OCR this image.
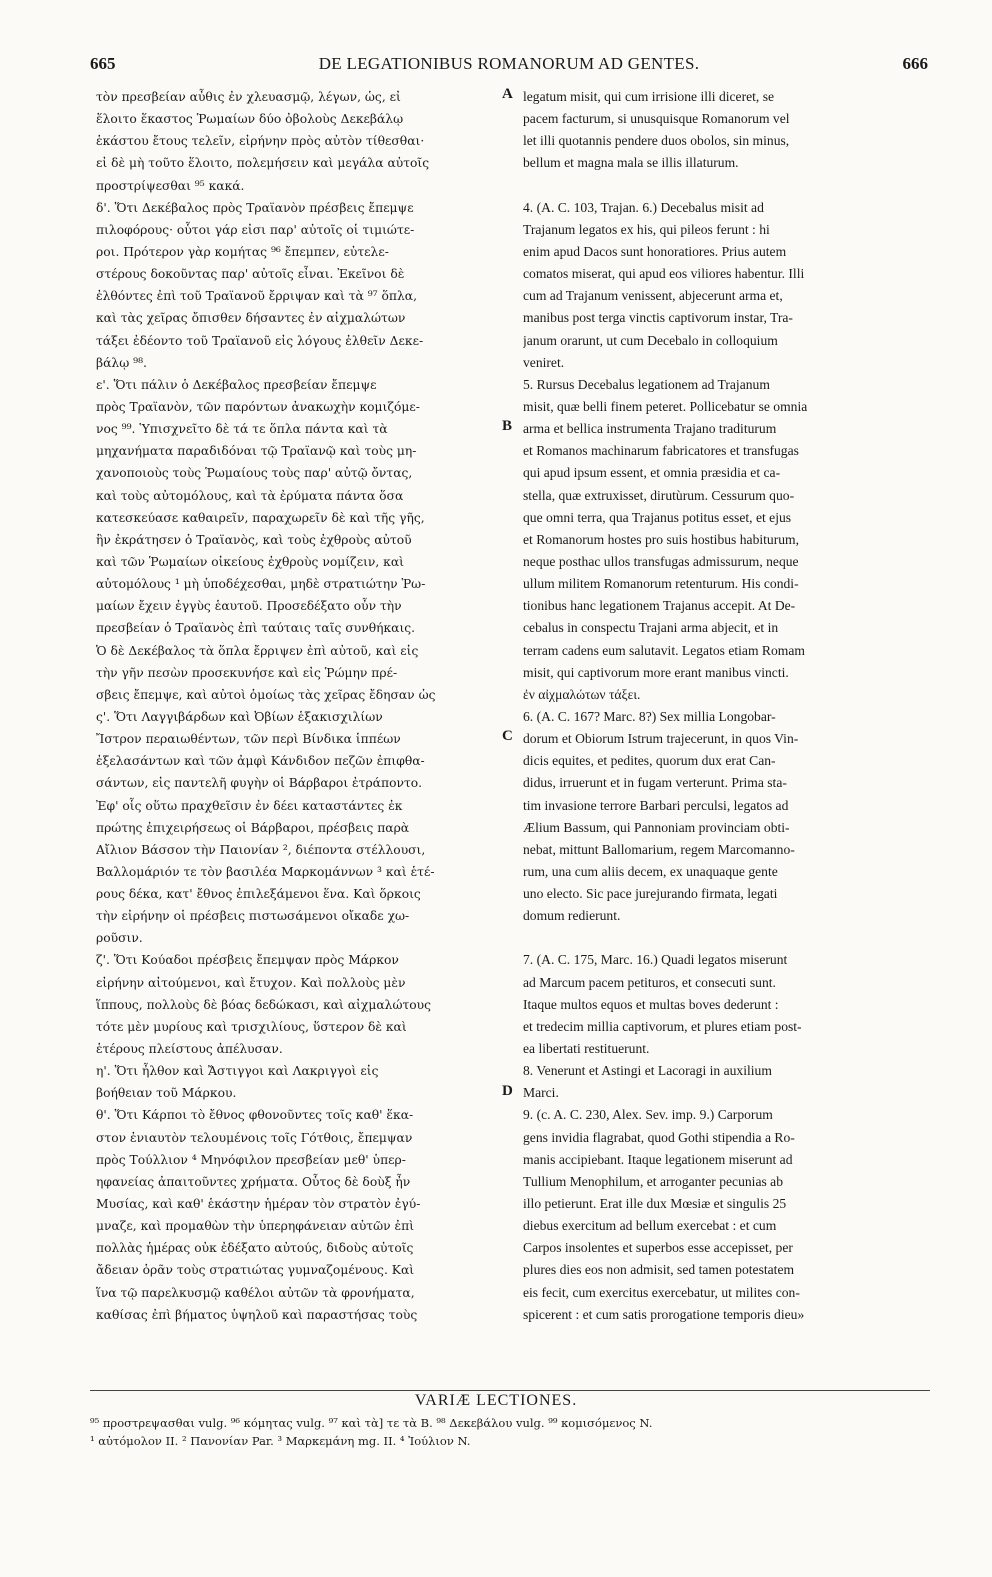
665	DE LEGATIONIBUS ROMANORUM AD GENTES.	666
τὸν πρεσβείαν αὖθις ἐν χλευασμῷ, λέγων, ὡς, εἰ
ἕλοιτο ἕκαστος Ῥωμαίων δύο ὀβολοὺς Δεκεβάλῳ
ἑκάστου ἔτους τελεῖν, εἰρήνην πρὸς αὐτὸν τίθεσθαι·
εἰ δὲ μὴ τοῦτο ἕλοιτο, πολεμήσειν καὶ μεγάλα αὐτοῖς
προστρίψεσθαι ⁹⁵ κακά.
δ'. Ὅτι Δεκέβαλος πρὸς Τραϊανὸν πρέσβεις ἔπεμψε
πιλοφόρους· οὗτοι γάρ εἰσι παρ' αὐτοῖς οἱ τιμιώτε-
ροι. Πρότερον γὰρ κομήτας ⁹⁶ ἔπεμπεν, εὐτελε-
στέρους δοκοῦντας παρ' αὐτοῖς εἶναι. Ἐκεῖνοι δὲ
ἐλθόντες ἐπὶ τοῦ Τραϊανοῦ ἔρριψαν καὶ τὰ ⁹⁷ ὅπλα,
καὶ τὰς χεῖρας ὄπισθεν δήσαντες ἐν αἰχμαλώτων
τάξει ἐδέοντο τοῦ Τραϊανοῦ εἰς λόγους ἐλθεῖν Δεκε-
βάλῳ ⁹⁸.
ε'. Ὅτι πάλιν ὁ Δεκέβαλος πρεσβείαν ἔπεμψε
πρὸς Τραϊανὸν, τῶν παρόντων ἀνακωχὴν κομιζόμε-
νος ⁹⁹. Ὑπισχνεῖτο δὲ τά τε ὅπλα πάντα καὶ τὰ
μηχανήματα παραδιδόναι τῷ Τραϊανῷ καὶ τοὺς μη-
χανοποιοὺς τοὺς Ῥωμαίους τοὺς παρ' αὐτῷ ὄντας,
καὶ τοὺς αὐτομόλους, καὶ τὰ ἐρύματα πάντα ὅσα
κατεσκεύασε καθαιρεῖν, παραχωρεῖν δὲ καὶ τῆς γῆς,
ἣν ἐκράτησεν ὁ Τραϊανὸς, καὶ τοὺς ἐχθροὺς αὐτοῦ
καὶ τῶν Ῥωμαίων οἰκείους ἐχθροὺς νομίζειν, καὶ
αὐτομόλους ¹ μὴ ὑποδέχεσθαι, μηδὲ στρατιώτην Ῥω-
μαίων ἔχειν ἐγγὺς ἑαυτοῦ. Προσεδέξατο οὖν τὴν
πρεσβείαν ὁ Τραϊανὸς ἐπὶ ταύταις ταῖς συνθήκαις.
Ὁ δὲ Δεκέβαλος τὰ ὅπλα ἔρριψεν ἐπὶ αὐτοῦ, καὶ εἰς
τὴν γῆν πεσὼν προσεκυνήσε καὶ εἰς Ῥώμην πρέ-
σβεις ἔπεμψε, καὶ αὐτοὶ ὁμοίως τὰς χεῖρας ἔδησαν ὡς
ς'. Ὅτι Λαγγιβάρδων καὶ Ὀβίων ἑξακισχιλίων
Ἴστρον περαιωθέντων, τῶν περὶ Βίνδικα ἱππέων
ἐξελασάντων καὶ τῶν ἀμφὶ Κάνδιδον πεζῶν ἐπιφθα-
σάντων, εἰς παντελῆ φυγὴν οἱ Βάρβαροι ἐτράποντο.
Ἐφ' οἷς οὕτω πραχθεῖσιν ἐν δέει καταστάντες ἐκ
πρώτης ἐπιχειρήσεως οἱ Βάρβαροι, πρέσβεις παρὰ
Αἴλιον Βάσσον τὴν Παιονίαν ², διέποντα στέλλουσι,
Βαλλομάριόν τε τὸν βασιλέα Μαρκομάννων ³ καὶ ἑτέ-
ρους δέκα, κατ' ἔθνος ἐπιλεξάμενοι ἕνα. Καὶ ὅρκοις
τὴν εἰρήνην οἱ πρέσβεις πιστωσάμενοι οἴκαδε χω-
ροῦσιν.
ζ'. Ὅτι Κούαδοι πρέσβεις ἔπεμψαν πρὸς Μάρκον
εἰρήνην αἰτούμενοι, καὶ ἔτυχον. Καὶ πολλοὺς μὲν
ἵππους, πολλοὺς δὲ βόας δεδώκασι, καὶ αἰχμαλώτους
τότε μὲν μυρίους καὶ τρισχιλίους, ὕστερον δὲ καὶ
ἑτέρους πλείστους ἀπέλυσαν.
η'. Ὅτι ἦλθον καὶ Ἄστιγγοι καὶ Λακριγγοὶ εἰς
βοήθειαν τοῦ Μάρκου.
θ'. Ὅτι Κάρποι τὸ ἔθνος φθονοῦντες τοῖς καθ' ἕκα-
στον ἐνιαυτὸν τελουμένοις τοῖς Γότθοις, ἔπεμψαν
πρὸς Τούλλιον ⁴ Μηνόφιλον πρεσβείαν μεθ' ὑπερ-
ηφανείας ἀπαιτοῦντες χρήματα. Οὗτος δὲ δοὺξ ἦν
Μυσίας, καὶ καθ' ἑκάστην ἡμέραν τὸν στρατὸν ἐγύ-
μναζε, καὶ προμαθὼν τὴν ὑπερηφάνειαν αὐτῶν ἐπὶ
πολλὰς ἡμέρας οὐκ ἐδέξατο αὐτούς, διδοὺς αὐτοῖς
ἄδειαν ὁρᾶν τοὺς στρατιώτας γυμναζομένους. Καὶ
ἵνα τῷ παρελκυσμῷ καθέλοι αὐτῶν τὰ φρονήματα,
καθίσας ἐπὶ βήματος ὑψηλοῦ καὶ παραστήσας τοὺς
A
B
C
D
legatum misit, qui cum irrisione illi diceret, se
pacem facturum, si unusquisque Romanorum vel
let illi quotannis pendere duos obolos, sin minus,
bellum et magna mala se illis illaturum.
4. (A. C. 103, Trajan. 6.) Decebalus misit ad
Trajanum legatos ex his, qui pileos ferunt : hi
enim apud Dacos sunt honoratiores. Prius autem
comatos miserat, qui apud eos viliores habentur. Illi
cum ad Trajanum venissent, abjecerunt arma et,
manibus post terga vinctis captivorum instar, Tra-
janum orarunt, ut cum Decebalo in colloquium
veniret.
5. Rursus Decebalus legationem ad Trajanum
misit, quæ belli finem peteret. Pollicebatur se omnia
arma et bellica instrumenta Trajano traditurum
et Romanos machinarum fabricatores et transfugas
qui apud ipsum essent, et omnia præsidia et ca-
stella, quæ extruxisset, dirutùrum. Cessurum quo-
que omni terra, qua Trajanus potitus esset, et ejus
et Romanorum hostes pro suis hostibus habiturum,
neque posthac ullos transfugas admissurum, neque
ullum militem Romanorum retenturum. His condi-
tionibus hanc legationem Trajanus accepit. At De-
cebalus in conspectu Trajani arma abjecit, et in
terram cadens eum salutavit. Legatos etiam Romam
misit, qui captivorum more erant manibus vincti.
ἐν αἰχμαλώτων τάξει.
6. (A. C. 167? Marc. 8?) Sex millia Longobar-
dorum et Obiorum Istrum trajecerunt, in quos Vin-
dicis equites, et pedites, quorum dux erat Can-
didus, irruerunt et in fugam verterunt. Prima sta-
tim invasione terrore Barbari perculsi, legatos ad
Ælium Bassum, qui Pannoniam provinciam obti-
nebat, mittunt Ballomarium, regem Marcomanno-
rum, una cum aliis decem, ex unaquaque gente
uno electo. Sic pace jurejurando firmata, legati
domum redierunt.
7. (A. C. 175, Marc. 16.) Quadi legatos miserunt
ad Marcum pacem petituros, et consecuti sunt.
Itaque multos equos et multas boves dederunt :
et tredecim millia captivorum, et plures etiam post-
ea libertati restituerunt.
8. Venerunt et Astingi et Lacoragi in auxilium
Marci.
9. (c. A. C. 230, Alex. Sev. imp. 9.) Carporum
gens invidia flagrabat, quod Gothi stipendia a Ro-
manis accipiebant. Itaque legationem miserunt ad
Tullium Menophilum, et arroganter pecunias ab
illo petierunt. Erat ille dux Mœsiæ et singulis 25
diebus exercitum ad bellum exercebat : et cum
Carpos insolentes et superbos esse accepisset, per
plures dies eos non admisit, sed tamen potestatem
eis fecit, cum exercitus exercebatur, ut milites con-
spicerent : et cum satis prorogatione temporis dieu»
VARIÆ LECTIONES.
⁹⁵ προστρεψασθαι vulg. ⁹⁶ κόμητας vulg. ⁹⁷ καὶ τὰ] τε τὰ B. ⁹⁸ Δεκεβάλου vulg. ⁹⁹ κομισόμενος N.
¹ αὐτόμολον II. ² Πανονίαν Par. ³ Μαρκεμάνη mg. II. ⁴ Ἰούλιον N.
